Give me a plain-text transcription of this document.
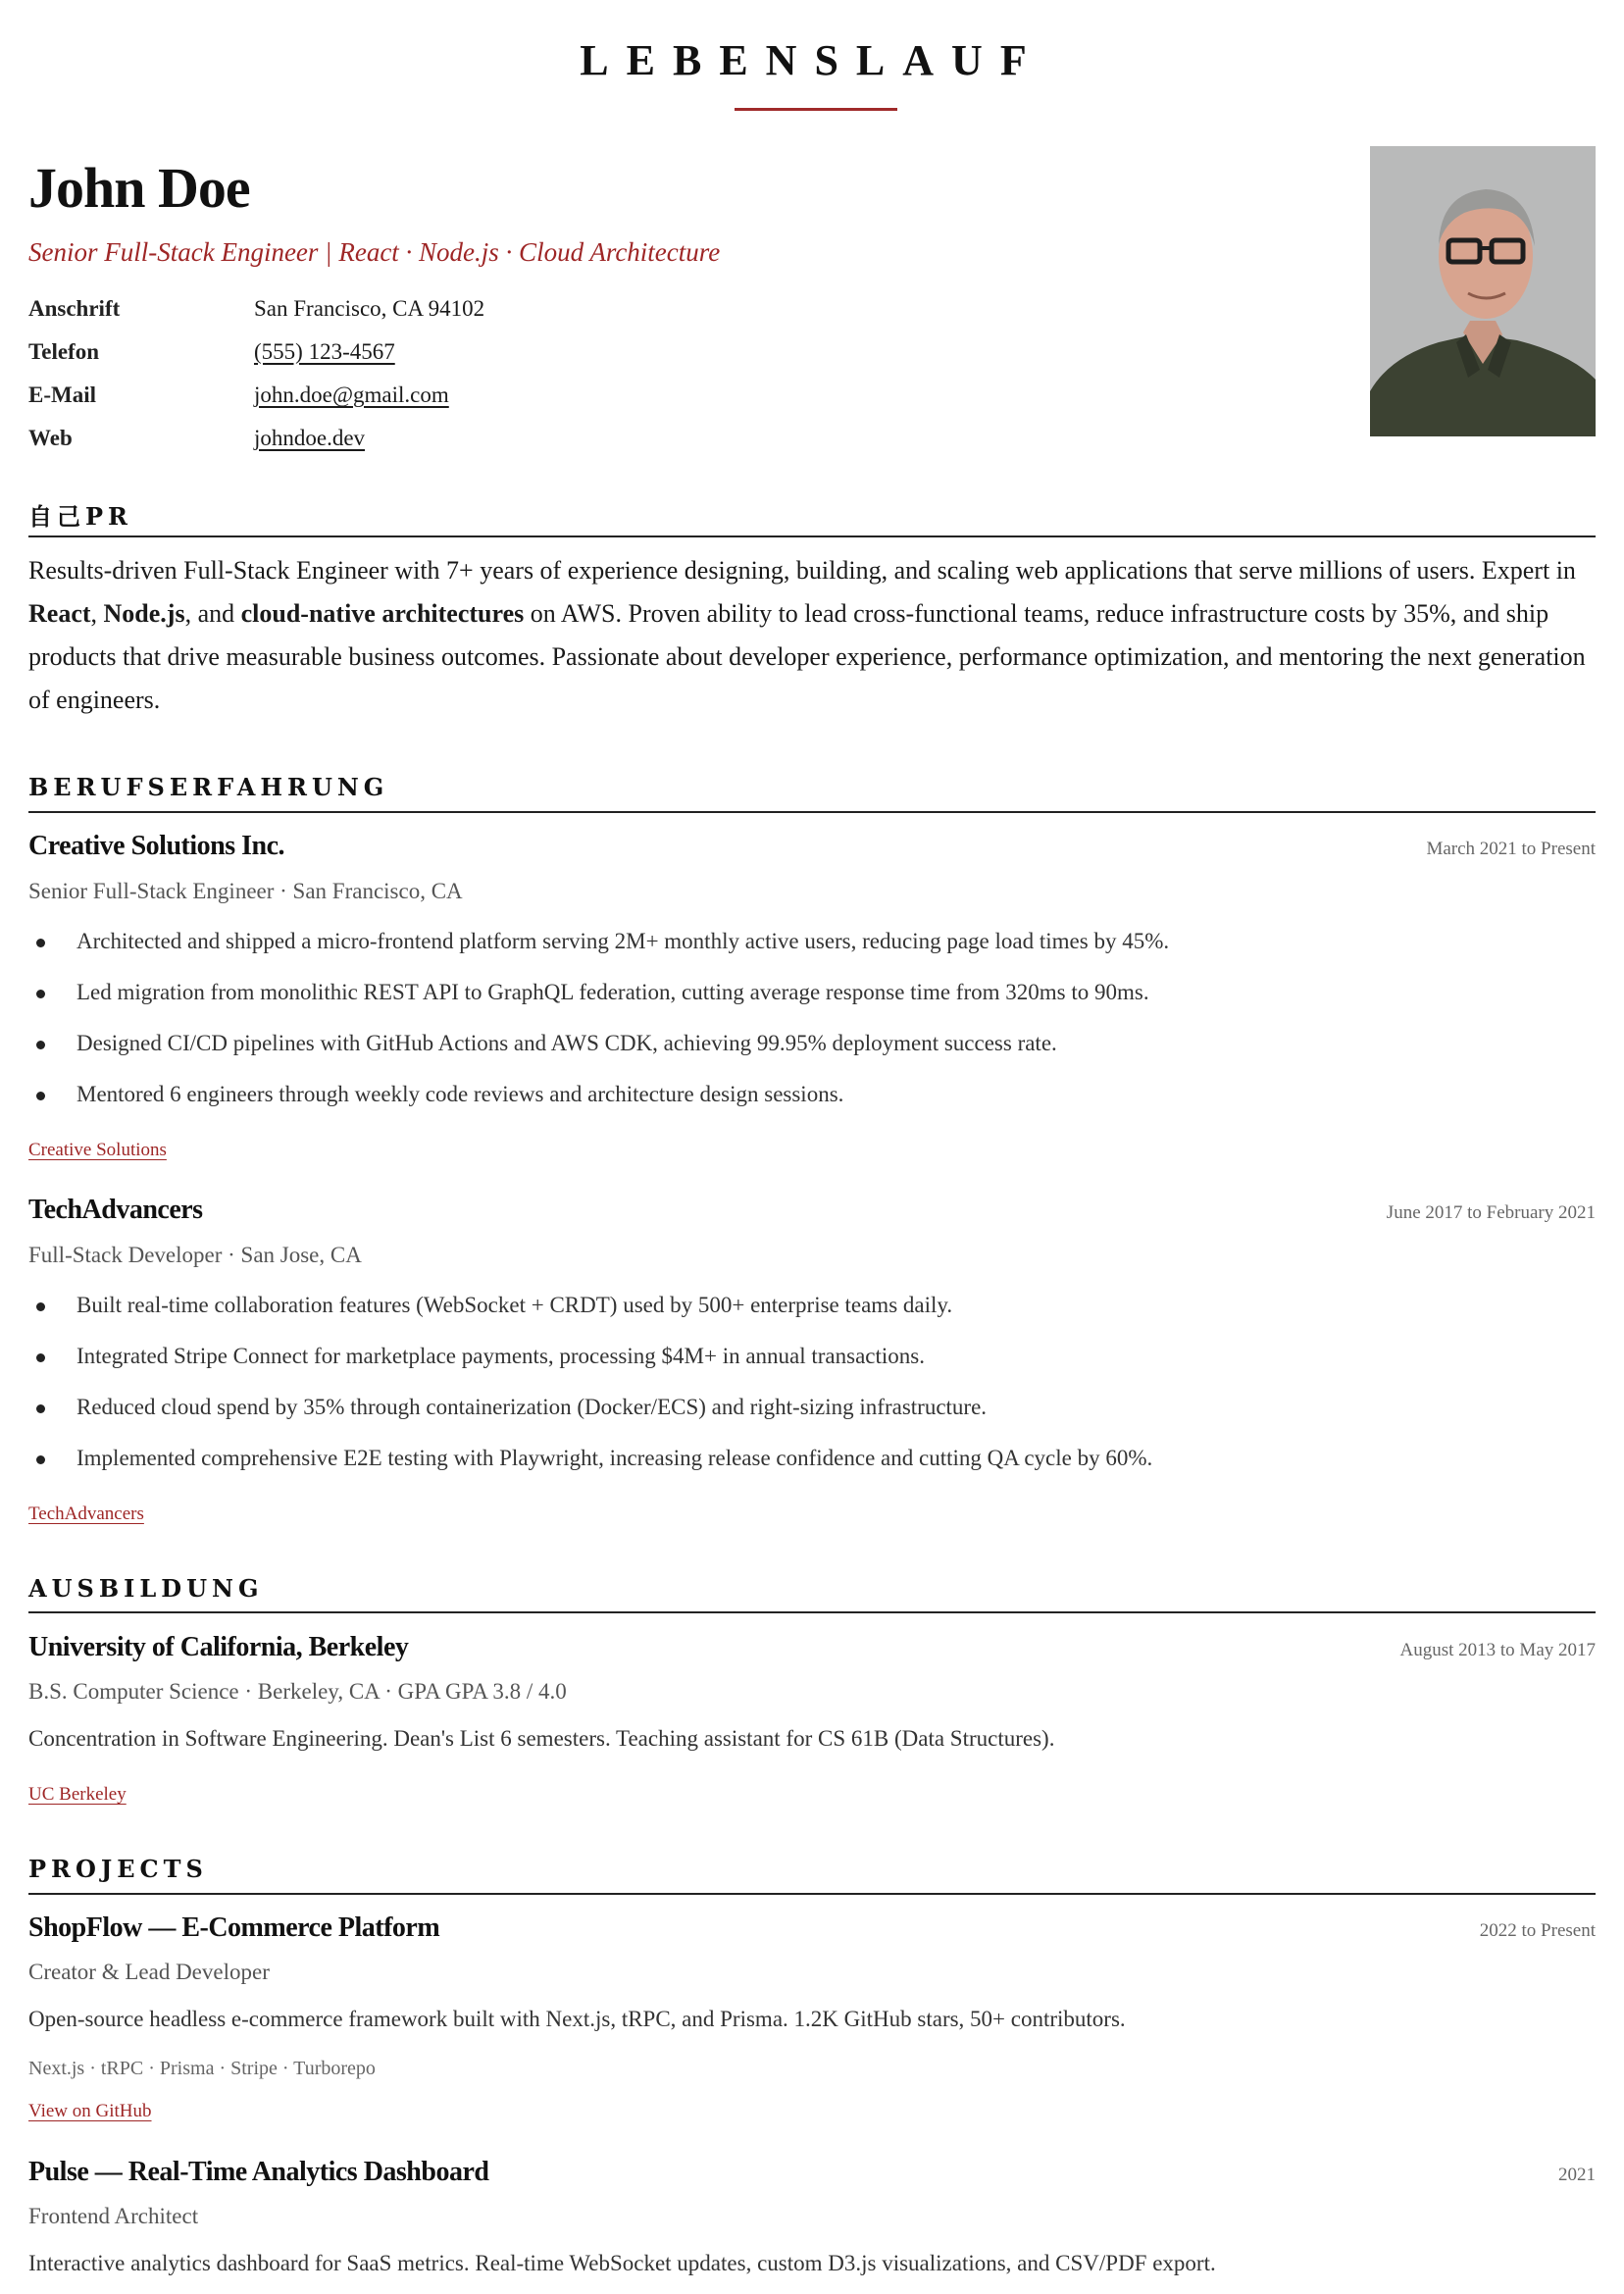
LEBENSLAUF
John Doe
Senior Full-Stack Engineer | React · Node.js · Cloud Architecture
Anschrift	San Francisco, CA 94102
Telefon	(555) 123-4567
E-Mail	john.doe@gmail.com
Web	johndoe.dev
自己PR
Results-driven Full-Stack Engineer with 7+ years of experience designing, building, and scaling web applications that serve millions of users. Expert in React, Node.js, and cloud-native architectures on AWS. Proven ability to lead cross-functional teams, reduce infrastructure costs by 35%, and ship products that drive measurable business outcomes. Passionate about developer experience, performance optimization, and mentoring the next generation of engineers.
BERUFSERFAHRUNG
Creative Solutions Inc.	March 2021 to Present
Senior Full-Stack Engineer · San Francisco, CA
Architected and shipped a micro-frontend platform serving 2M+ monthly active users, reducing page load times by 45%.
Led migration from monolithic REST API to GraphQL federation, cutting average response time from 320ms to 90ms.
Designed CI/CD pipelines with GitHub Actions and AWS CDK, achieving 99.95% deployment success rate.
Mentored 6 engineers through weekly code reviews and architecture design sessions.
Creative Solutions
TechAdvancers	June 2017 to February 2021
Full-Stack Developer · San Jose, CA
Built real-time collaboration features (WebSocket + CRDT) used by 500+ enterprise teams daily.
Integrated Stripe Connect for marketplace payments, processing $4M+ in annual transactions.
Reduced cloud spend by 35% through containerization (Docker/ECS) and right-sizing infrastructure.
Implemented comprehensive E2E testing with Playwright, increasing release confidence and cutting QA cycle by 60%.
TechAdvancers
AUSBILDUNG
University of California, Berkeley	August 2013 to May 2017
B.S. Computer Science · Berkeley, CA · GPA GPA 3.8 / 4.0
Concentration in Software Engineering. Dean's List 6 semesters. Teaching assistant for CS 61B (Data Structures).
UC Berkeley
PROJECTS
ShopFlow — E-Commerce Platform	2022 to Present
Creator & Lead Developer
Open-source headless e-commerce framework built with Next.js, tRPC, and Prisma. 1.2K GitHub stars, 50+ contributors.
Next.js · tRPC · Prisma · Stripe · Turborepo
View on GitHub
Pulse — Real-Time Analytics Dashboard	2021
Frontend Architect
Interactive analytics dashboard for SaaS metrics. Real-time WebSocket updates, custom D3.js visualizations, and CSV/PDF export.
